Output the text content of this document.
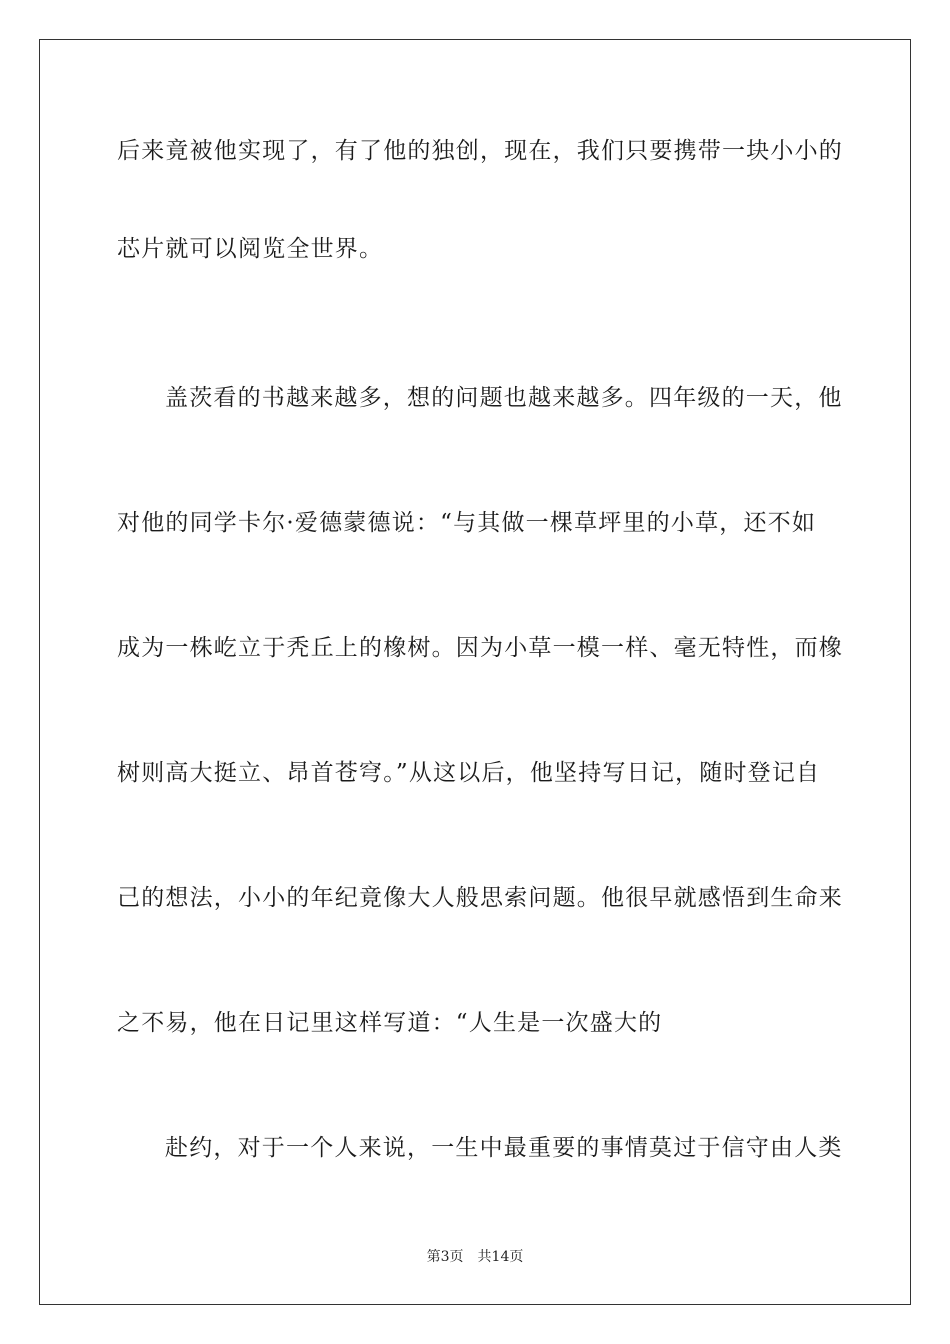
后来竟被他实现了，有了他的独创，现在，我们只要携带一块小小的
芯片就可以阅览全世界。
盖茨看的书越来越多，想的问题也越来越多。四年级的一天，他
对他的同学卡尔·爱德蒙德说：“与其做一棵草坪里的小草，还不如
成为一株屹立于秃丘上的橡树。因为小草一模一样、毫无特性，而橡
树则高大挺立、昂首苍穹。”从这以后，他坚持写日记，随时登记自
己的想法，小小的年纪竟像大人般思索问题。他很早就感悟到生命来
之不易，他在日记里这样写道：“人生是一次盛大的
赴约，对于一个人来说，一生中最重要的事情莫过于信守由人类
第3页 共14页
